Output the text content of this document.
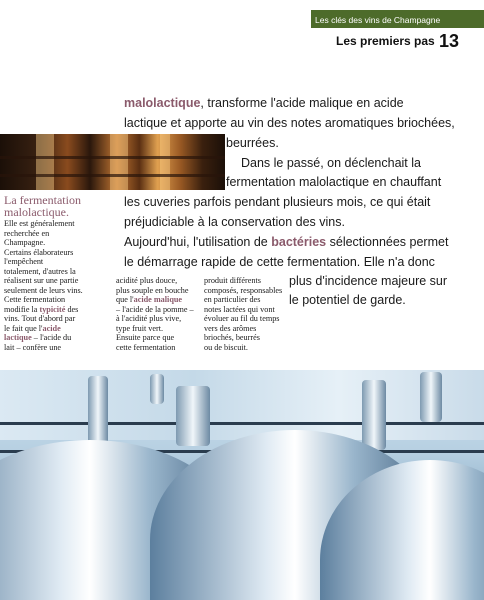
Les clés des vins de Champagne
Les premiers pas 13
malolactique, transforme l'acide malique en acide
lactique et apporte au vin des notes aromatiques briochées,
beurrées.
Dans le passé, on déclenchait la
fermentation malolactique en chauffant
les cuveries parfois pendant plusieurs mois, ce qui était
préjudiciable à la conservation des vins.
Aujourd'hui, l'utilisation de bactéries sélectionnées permet
le démarrage rapide de cette fermentation. Elle n'a donc
plus d'incidence majeure sur
le potentiel de garde.
La fermentation
malolactique.
Elle est généralement
recherchée en
Champagne.
Certains élaborateurs
l'empêchent
totalement, d'autres la
réalisent sur une partie
seulement de leurs vins.
Cette fermentation
modifie la typicité des
vins. Tout d'abord par
le fait que l'acide
lactique – l'acide du
lait – confère une
acidité plus douce,
plus souple en bouche
que l'acide malique
– l'acide de la pomme –
à l'acidité plus vive,
type fruit vert.
Ensuite parce que
cette fermentation
produit différents
composés, responsables
en particulier des
notes lactées qui vont
évoluer au fil du temps
vers des arômes
briochés, beurrés
ou de biscuit.
